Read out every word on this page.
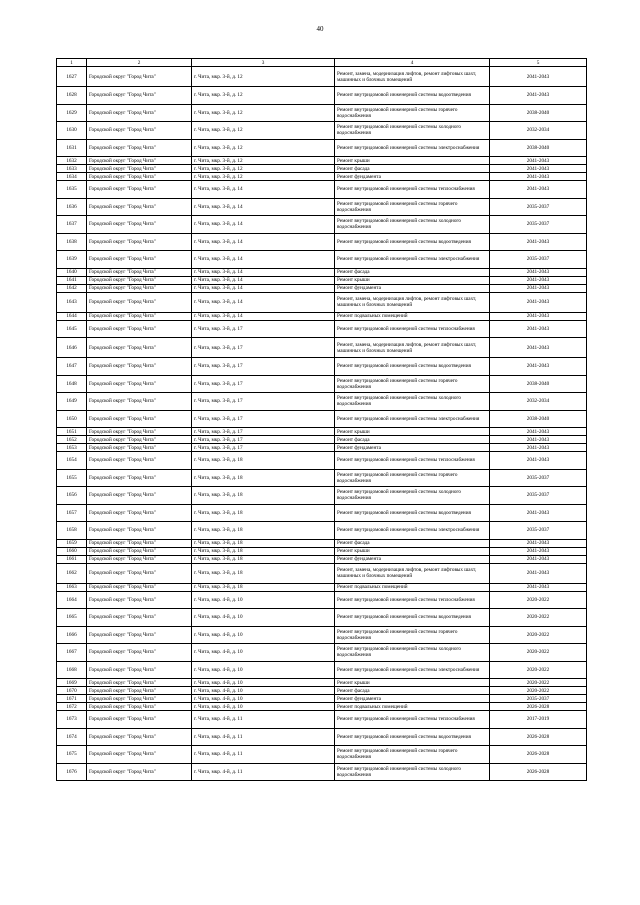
40
1	2	3	4	5
1627	Городской округ "Город Чита"	г. Чита, мкр. 3-й, д. 12	Ремонт, замена, модернизация лифтов, ремонт лифтовых шахт, машинных и блочных помещений	2041-2043
1628	Городской округ "Город Чита"	г. Чита, мкр. 3-й, д. 12	Ремонт внутридомовой инженерной системы водоотведения	2041-2043
1629	Городской округ "Город Чита"	г. Чита, мкр. 3-й, д. 12	Ремонт внутридомовой инженерной системы горячего водоснабжения	2038-2040
1630	Городской округ "Город Чита"	г. Чита, мкр. 3-й, д. 12	Ремонт внутридомовой инженерной системы холодного водоснабжения	2032-2034
1631	Городской округ "Город Чита"	г. Чита, мкр. 3-й, д. 12	Ремонт внутридомовой инженерной системы электроснабжения	2038-2040
1632	Городской округ "Город Чита"	г. Чита, мкр. 3-й, д. 12	Ремонт крыши	2041-2043
1633	Городской округ "Город Чита"	г. Чита, мкр. 3-й, д. 12	Ремонт фасада	2041-2043
1634	Городской округ "Город Чита"	г. Чита, мкр. 3-й, д. 12	Ремонт фундамента	2041-2043
1635	Городской округ "Город Чита"	г. Чита, мкр. 3-й, д. 14	Ремонт внутридомовой инженерной системы теплоснабжения	2041-2043
1636	Городской округ "Город Чита"	г. Чита, мкр. 3-й, д. 14	Ремонт внутридомовой инженерной системы горячего водоснабжения	2035-2037
1637	Городской округ "Город Чита"	г. Чита, мкр. 3-й, д. 14	Ремонт внутридомовой инженерной системы холодного водоснабжения	2035-2037
1638	Городской округ "Город Чита"	г. Чита, мкр. 3-й, д. 14	Ремонт внутридомовой инженерной системы водоотведения	2041-2043
1639	Городской округ "Город Чита"	г. Чита, мкр. 3-й, д. 14	Ремонт внутридомовой инженерной системы электроснабжения	2035-2037
1640	Городской округ "Город Чита"	г. Чита, мкр. 3-й, д. 14	Ремонт фасада	2041-2043
1641	Городской округ "Город Чита"	г. Чита, мкр. 3-й, д. 14	Ремонт крыши	2041-2043
1642	Городской округ "Город Чита"	г. Чита, мкр. 3-й, д. 14	Ремонт фундамента	2041-2043
1643	Городской округ "Город Чита"	г. Чита, мкр. 3-й, д. 14	Ремонт, замена, модернизация лифтов, ремонт лифтовых шахт, машинных и блочных помещений	2041-2043
1644	Городской округ "Город Чита"	г. Чита, мкр. 3-й, д. 14	Ремонт подвальных помещений	2041-2043
1645	Городской округ "Город Чита"	г. Чита, мкр. 3-й, д. 17	Ремонт внутридомовой инженерной системы теплоснабжения	2041-2043
1646	Городской округ "Город Чита"	г. Чита, мкр. 3-й, д. 17	Ремонт, замена, модернизация лифтов, ремонт лифтовых шахт, машинных и блочных помещений	2041-2043
1647	Городской округ "Город Чита"	г. Чита, мкр. 3-й, д. 17	Ремонт внутридомовой инженерной системы водоотведения	2041-2043
1648	Городской округ "Город Чита"	г. Чита, мкр. 3-й, д. 17	Ремонт внутридомовой инженерной системы горячего водоснабжения	2038-2040
1649	Городской округ "Город Чита"	г. Чита, мкр. 3-й, д. 17	Ремонт внутридомовой инженерной системы холодного водоснабжения	2032-2034
1650	Городской округ "Город Чита"	г. Чита, мкр. 3-й, д. 17	Ремонт внутридомовой инженерной системы электроснабжения	2038-2040
1651	Городской округ "Город Чита"	г. Чита, мкр. 3-й, д. 17	Ремонт крыши	2041-2043
1652	Городской округ "Город Чита"	г. Чита, мкр. 3-й, д. 17	Ремонт фасада	2041-2043
1653	Городской округ "Город Чита"	г. Чита, мкр. 3-й, д. 17	Ремонт фундамента	2041-2043
1654	Городской округ "Город Чита"	г. Чита, мкр. 3-й, д. 18	Ремонт внутридомовой инженерной системы теплоснабжения	2041-2043
1655	Городской округ "Город Чита"	г. Чита, мкр. 3-й, д. 18	Ремонт внутридомовой инженерной системы горячего водоснабжения	2035-2037
1656	Городской округ "Город Чита"	г. Чита, мкр. 3-й, д. 18	Ремонт внутридомовой инженерной системы холодного водоснабжения	2035-2037
1657	Городской округ "Город Чита"	г. Чита, мкр. 3-й, д. 18	Ремонт внутридомовой инженерной системы водоотведения	2041-2043
1658	Городской округ "Город Чита"	г. Чита, мкр. 3-й, д. 18	Ремонт внутридомовой инженерной системы электроснабжения	2035-2037
1659	Городской округ "Город Чита"	г. Чита, мкр. 3-й, д. 18	Ремонт фасада	2041-2043
1660	Городской округ "Город Чита"	г. Чита, мкр. 3-й, д. 18	Ремонт крыши	2041-2043
1661	Городской округ "Город Чита"	г. Чита, мкр. 3-й, д. 18	Ремонт фундамента	2041-2043
1662	Городской округ "Город Чита"	г. Чита, мкр. 3-й, д. 18	Ремонт, замена, модернизация лифтов, ремонт лифтовых шахт, машинных и блочных помещений	2041-2043
1663	Городской округ "Город Чита"	г. Чита, мкр. 3-й, д. 18	Ремонт подвальных помещений	2041-2043
1664	Городской округ "Город Чита"	г. Чита, мкр. 4-й, д. 10	Ремонт внутридомовой инженерной системы теплоснабжения	2020-2022
1665	Городской округ "Город Чита"	г. Чита, мкр. 4-й, д. 10	Ремонт внутридомовой инженерной системы водоотведения	2020-2022
1666	Городской округ "Город Чита"	г. Чита, мкр. 4-й, д. 10	Ремонт внутридомовой инженерной системы горячего водоснабжения	2020-2022
1667	Городской округ "Город Чита"	г. Чита, мкр. 4-й, д. 10	Ремонт внутридомовой инженерной системы холодного водоснабжения	2020-2022
1668	Городской округ "Город Чита"	г. Чита, мкр. 4-й, д. 10	Ремонт внутридомовой инженерной системы электроснабжения	2020-2022
1669	Городской округ "Город Чита"	г. Чита, мкр. 4-й, д. 10	Ремонт крыши	2020-2022
1670	Городской округ "Город Чита"	г. Чита, мкр. 4-й, д. 10	Ремонт фасада	2020-2022
1671	Городской округ "Город Чита"	г. Чита, мкр. 4-й, д. 10	Ремонт фундамента	2035-2037
1672	Городской округ "Город Чита"	г. Чита, мкр. 4-й, д. 10	Ремонт подвальных помещений	2026-2028
1673	Городской округ "Город Чита"	г. Чита, мкр. 4-й, д. 11	Ремонт внутридомовой инженерной системы теплоснабжения	2017-2019
1674	Городской округ "Город Чита"	г. Чита, мкр. 4-й, д. 11	Ремонт внутридомовой инженерной системы водоотведения	2026-2028
1675	Городской округ "Город Чита"	г. Чита, мкр. 4-й, д. 11	Ремонт внутридомовой инженерной системы горячего водоснабжения	2026-2028
1676	Городской округ "Город Чита"	г. Чита, мкр. 4-й, д. 11	Ремонт внутридомовой инженерной системы холодного водоснабжения	2026-2028
